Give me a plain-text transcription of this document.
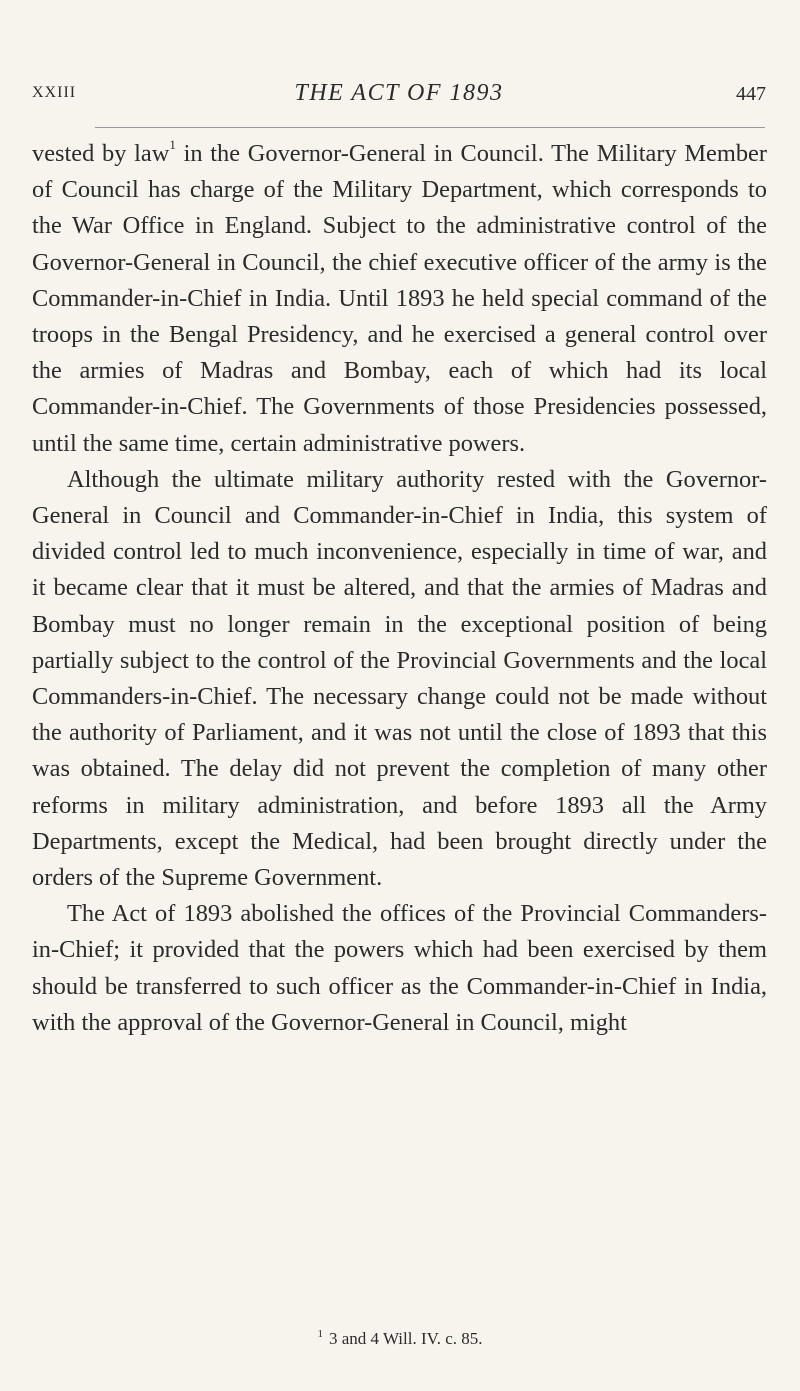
XXIII	THE ACT OF 1893	447

vested by law$^1$ in the Governor-General in Council. The Military Member of Council has charge of the Military Department, which corresponds to the War Office in England. Subject to the administrative control of the Governor-General in Council, the chief executive officer of the army is the Commander-in-Chief in India. Until 1893 he held special command of the troops in the Bengal Presidency, and he exercised a general control over the armies of Madras and Bombay, each of which had its local Commander-in-Chief. The Governments of those Presidencies possessed, until the same time, certain administrative powers.

Although the ultimate military authority rested with the Governor-General in Council and Commander-in-Chief in India, this system of divided control led to much inconvenience, especially in time of war, and it became clear that it must be altered, and that the armies of Madras and Bombay must no longer remain in the exceptional position of being partially subject to the control of the Provincial Governments and the local Commanders-in-Chief. The necessary change could not be made without the authority of Parliament, and it was not until the close of 1893 that this was obtained. The delay did not prevent the completion of many other reforms in military administration, and before 1893 all the Army Departments, except the Medical, had been brought directly under the orders of the Supreme Government.

The Act of 1893 abolished the offices of the Provincial Commanders-in-Chief; it provided that the powers which had been exercised by them should be transferred to such officer as the Commander-in-Chief in India, with the approval of the Governor-General in Council, might

$^1$ 3 and 4 Will. IV. c. 85.
